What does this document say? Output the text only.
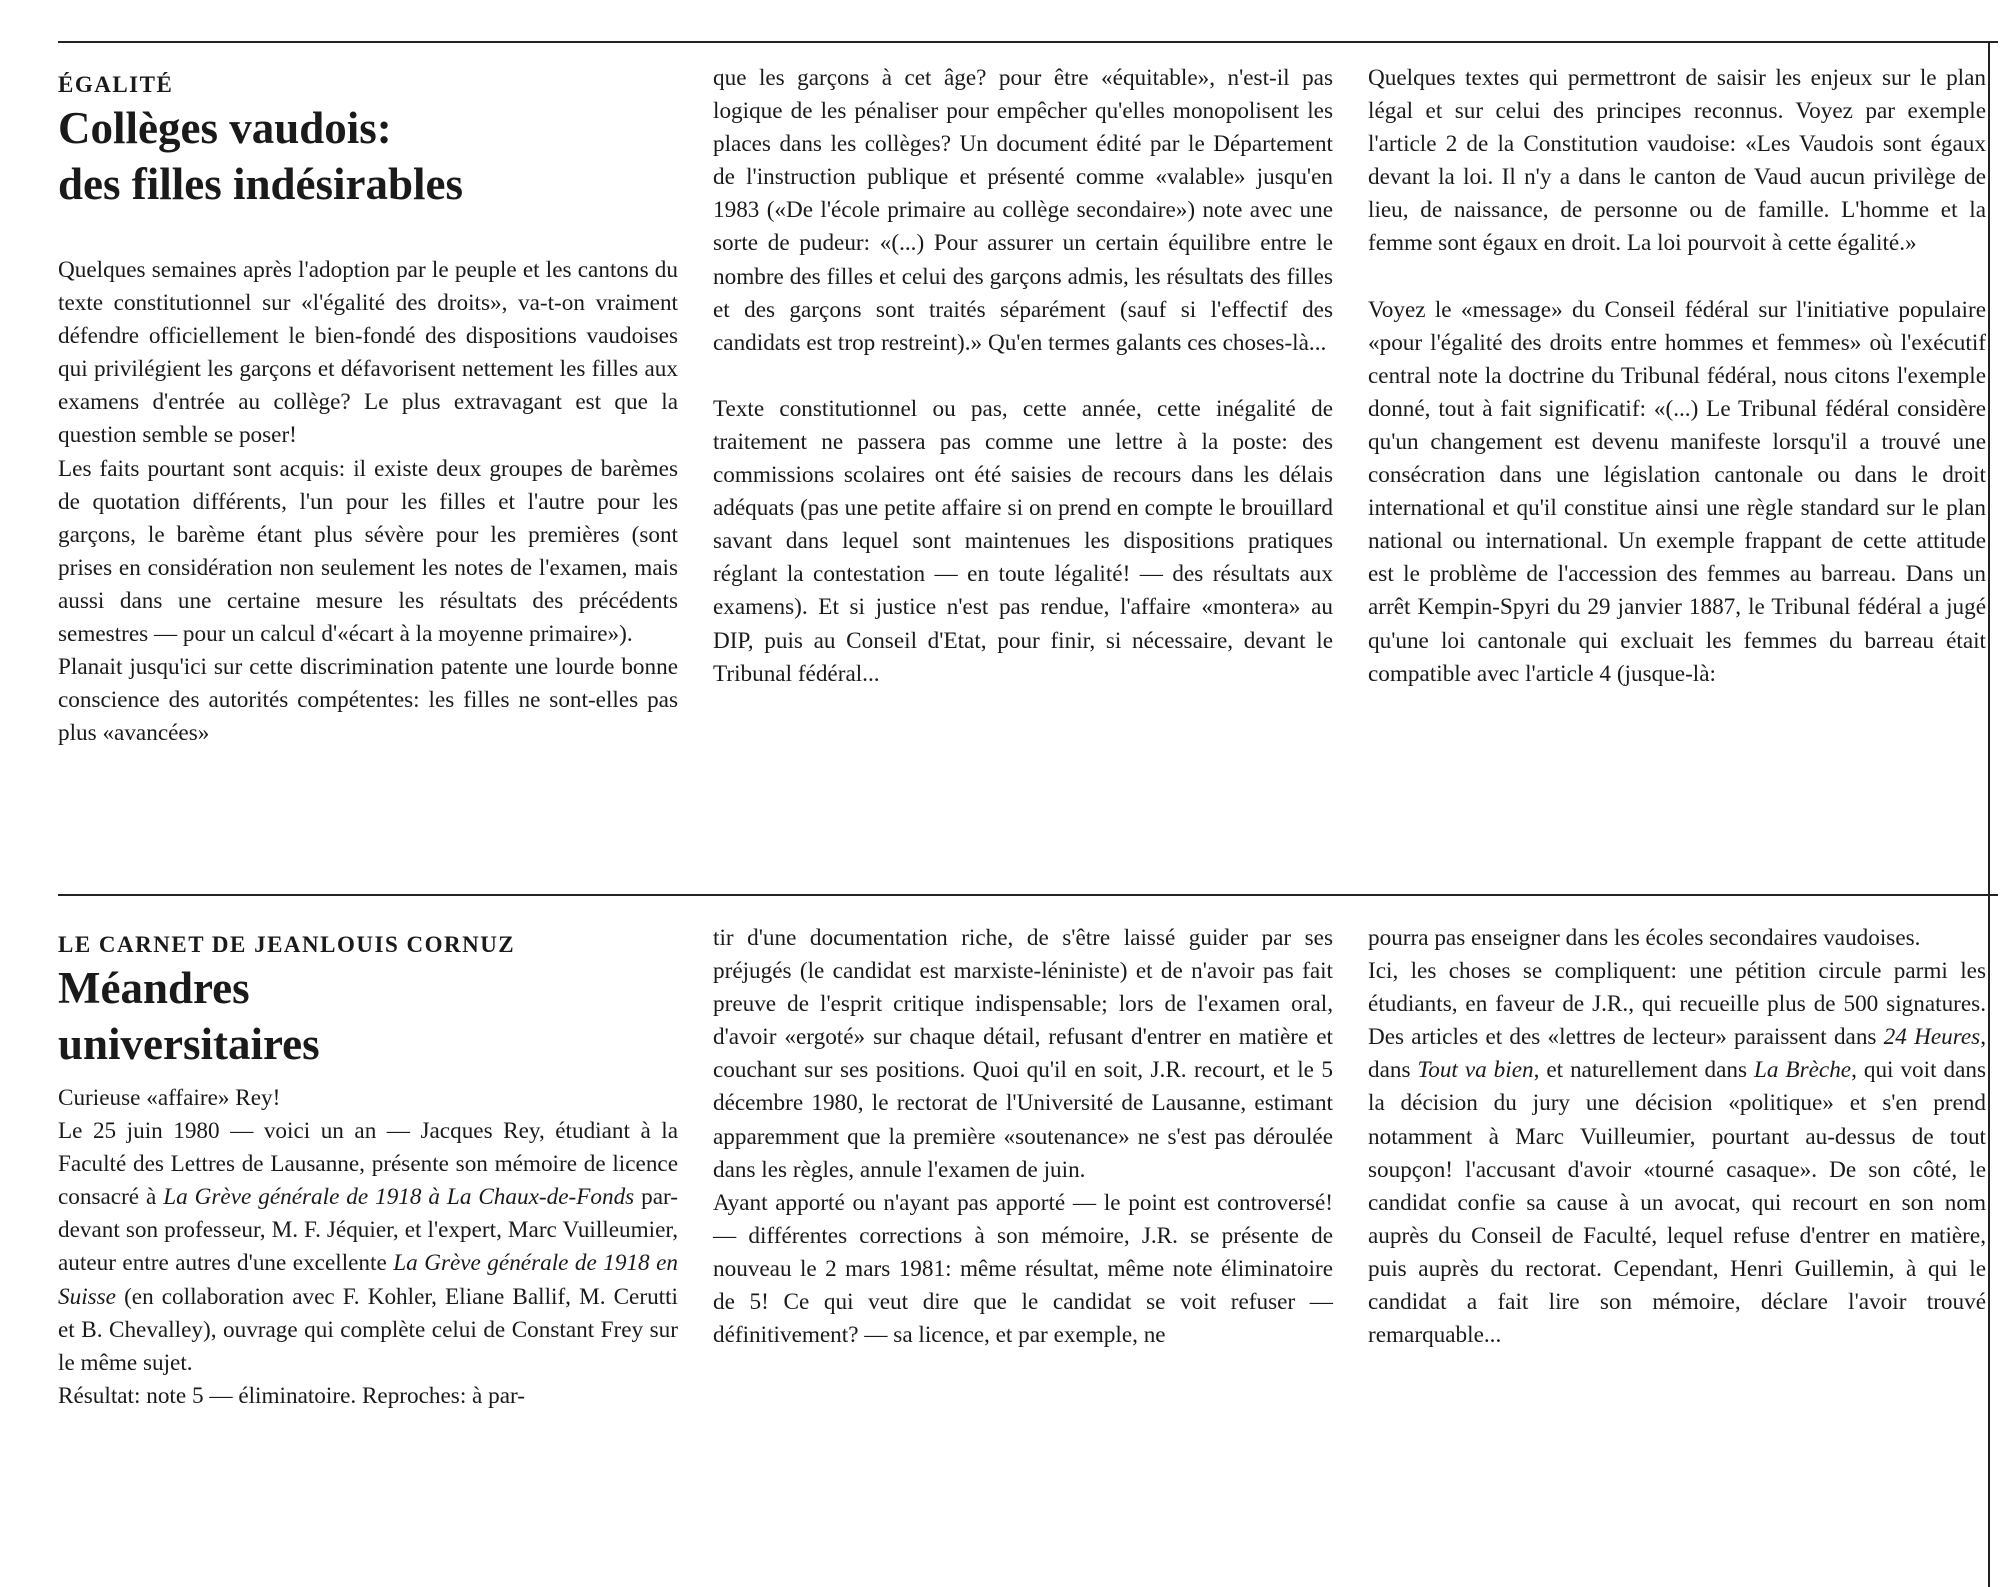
ÉGALITÉ

Collèges vaudois:
des filles indésirables

Quelques semaines après l'adoption par le peuple et les cantons du texte constitutionnel sur «l'égalité des droits», va-t-on vraiment défendre officiellement le bien-fondé des dispositions vaudoises qui privilégient les garçons et défavorisent nettement les filles aux examens d'entrée au collège? Le plus extravagant est que la question semble se poser!

Les faits pourtant sont acquis: il existe deux groupes de barèmes de quotation différents, l'un pour les filles et l'autre pour les garçons, le barème étant plus sévère pour les premières (sont prises en considération non seulement les notes de l'examen, mais aussi dans une certaine mesure les résultats des précédents semestres — pour un calcul d'«écart à la moyenne primaire»).

Planait jusqu'ici sur cette discrimination patente une lourde bonne conscience des autorités compétentes: les filles ne sont-elles pas plus «avancées»

que les garçons à cet âge? pour être «équitable», n'est-il pas logique de les pénaliser pour empêcher qu'elles monopolisent les places dans les collèges? Un document édité par le Département de l'instruction publique et présenté comme «valable» jusqu'en 1983 («De l'école primaire au collège secondaire») note avec une sorte de pudeur: «(...) Pour assurer un certain équilibre entre le nombre des filles et celui des garçons admis, les résultats des filles et des garçons sont traités séparément (sauf si l'effectif des candidats est trop restreint).» Qu'en termes galants ces choses-là...

Texte constitutionnel ou pas, cette année, cette inégalité de traitement ne passera pas comme une lettre à la poste: des commissions scolaires ont été saisies de recours dans les délais adéquats (pas une petite affaire si on prend en compte le brouillard savant dans lequel sont maintenues les dispositions pratiques réglant la contestation — en toute légalité! — des résultats aux examens). Et si justice n'est pas rendue, l'affaire «montera» au DIP, puis au Conseil d'Etat, pour finir, si nécessaire, devant le Tribunal fédéral...

Quelques textes qui permettront de saisir les enjeux sur le plan légal et sur celui des principes reconnus. Voyez par exemple l'article 2 de la Constitution vaudoise: «Les Vaudois sont égaux devant la loi. Il n'y a dans le canton de Vaud aucun privilège de lieu, de naissance, de personne ou de famille. L'homme et la femme sont égaux en droit. La loi pourvoit à cette égalité.»

Voyez le «message» du Conseil fédéral sur l'initiative populaire «pour l'égalité des droits entre hommes et femmes» où l'exécutif central note la doctrine du Tribunal fédéral, nous citons l'exemple donné, tout à fait significatif: «(...) Le Tribunal fédéral considère qu'un changement est devenu manifeste lorsqu'il a trouvé une consécration dans une législation cantonale ou dans le droit international et qu'il constitue ainsi une règle standard sur le plan national ou international. Un exemple frappant de cette attitude est le problème de l'accession des femmes au barreau. Dans un arrêt Kempin-Spyri du 29 janvier 1887, le Tribunal fédéral a jugé qu'une loi cantonale qui excluait les femmes du barreau était compatible avec l'article 4 (jusque-là:

LE CARNET DE JEANLOUIS CORNUZ

Méandres
universitaires

Curieuse «affaire» Rey!

Le 25 juin 1980 — voici un an — Jacques Rey, étudiant à la Faculté des Lettres de Lausanne, présente son mémoire de licence consacré à La Grève générale de 1918 à La Chaux-de-Fonds par-devant son professeur, M. F. Jéquier, et l'expert, Marc Vuilleumier, auteur entre autres d'une excellente La Grève générale de 1918 en Suisse (en collaboration avec F. Kohler, Eliane Ballif, M. Cerutti et B. Chevalley), ouvrage qui complète celui de Constant Frey sur le même sujet.

Résultat: note 5 — éliminatoire. Reproches: à par-

tir d'une documentation riche, de s'être laissé guider par ses préjugés (le candidat est marxiste-léniniste) et de n'avoir pas fait preuve de l'esprit critique indispensable; lors de l'examen oral, d'avoir «ergoté» sur chaque détail, refusant d'entrer en matière et couchant sur ses positions. Quoi qu'il en soit, J.R. recourt, et le 5 décembre 1980, le rectorat de l'Université de Lausanne, estimant apparemment que la première «soutenance» ne s'est pas déroulée dans les règles, annule l'examen de juin.

Ayant apporté ou n'ayant pas apporté — le point est controversé! — différentes corrections à son mémoire, J.R. se présente de nouveau le 2 mars 1981: même résultat, même note éliminatoire de 5! Ce qui veut dire que le candidat se voit refuser — définitivement? — sa licence, et par exemple, ne

pourra pas enseigner dans les écoles secondaires vaudoises.

Ici, les choses se compliquent: une pétition circule parmi les étudiants, en faveur de J.R., qui recueille plus de 500 signatures. Des articles et des «lettres de lecteur» paraissent dans 24 Heures, dans Tout va bien, et naturellement dans La Brèche, qui voit dans la décision du jury une décision «politique» et s'en prend notamment à Marc Vuilleumier, pourtant au-dessus de tout soupçon! l'accusant d'avoir «tourné casaque». De son côté, le candidat confie sa cause à un avocat, qui recourt en son nom auprès du Conseil de Faculté, lequel refuse d'entrer en matière, puis auprès du rectorat. Cependant, Henri Guillemin, à qui le candidat a fait lire son mémoire, déclare l'avoir trouvé remarquable...
